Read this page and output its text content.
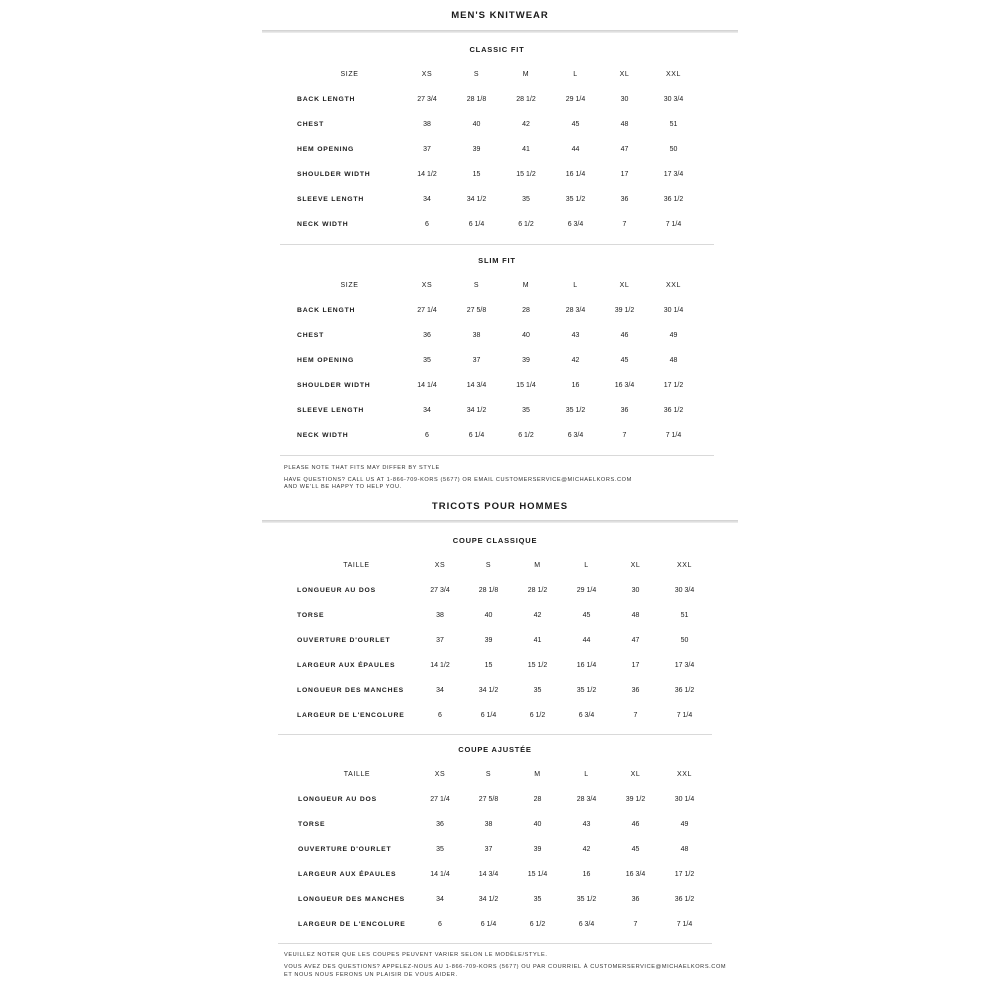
MEN'S KNITWEAR
CLASSIC FIT
SIZE	XS	S	M	L	XL	XXL
BACK LENGTH	27 3/4	28 1/8	28 1/2	29 1/4	30	30 3/4
CHEST	38	40	42	45	48	51
HEM OPENING	37	39	41	44	47	50
SHOULDER WIDTH	14 1/2	15	15 1/2	16 1/4	17	17 3/4
SLEEVE LENGTH	34	34 1/2	35	35 1/2	36	36 1/2
NECK WIDTH	6	6 1/4	6 1/2	6 3/4	7	7 1/4
SLIM FIT
SIZE	XS	S	M	L	XL	XXL
BACK LENGTH	27 1/4	27 5/8	28	28 3/4	39 1/2	30 1/4
CHEST	36	38	40	43	46	49
HEM OPENING	35	37	39	42	45	48
SHOULDER WIDTH	14 1/4	14 3/4	15 1/4	16	16 3/4	17 1/2
SLEEVE LENGTH	34	34 1/2	35	35 1/2	36	36 1/2
NECK WIDTH	6	6 1/4	6 1/2	6 3/4	7	7 1/4
PLEASE NOTE THAT FITS MAY DIFFER BY STYLE
HAVE QUESTIONS? CALL US AT 1-866-709-KORS (5677) OR EMAIL CUSTOMERSERVICE@MICHAELKORS.COM
AND WE'LL BE HAPPY TO HELP YOU.
TRICOTS POUR HOMMES
COUPE CLASSIQUE
TAILLE	XS	S	M	L	XL	XXL
LONGUEUR AU DOS	27 3/4	28 1/8	28 1/2	29 1/4	30	30 3/4
TORSE	38	40	42	45	48	51
OUVERTURE D'OURLET	37	39	41	44	47	50
LARGEUR AUX ÉPAULES	14 1/2	15	15 1/2	16 1/4	17	17 3/4
LONGUEUR DES MANCHES	34	34 1/2	35	35 1/2	36	36 1/2
LARGEUR DE L'ENCOLURE	6	6 1/4	6 1/2	6 3/4	7	7 1/4
COUPE AJUSTÉE
TAILLE	XS	S	M	L	XL	XXL
LONGUEUR AU DOS	27 1/4	27 5/8	28	28 3/4	39 1/2	30 1/4
TORSE	36	38	40	43	46	49
OUVERTURE D'OURLET	35	37	39	42	45	48
LARGEUR AUX ÉPAULES	14 1/4	14 3/4	15 1/4	16	16 3/4	17 1/2
LONGUEUR DES MANCHES	34	34 1/2	35	35 1/2	36	36 1/2
LARGEUR DE L'ENCOLURE	6	6 1/4	6 1/2	6 3/4	7	7 1/4
VEUILLEZ NOTER QUE LES COUPES PEUVENT VARIER SELON LE MODÈLE/STYLE.
VOUS AVEZ DES QUESTIONS? APPELEZ-NOUS AU 1-866-709-KORS (5677) OU PAR COURRIEL À CUSTOMERSERVICE@MICHAELKORS.COM
ET NOUS NOUS FERONS UN PLAISIR DE VOUS AIDER.
